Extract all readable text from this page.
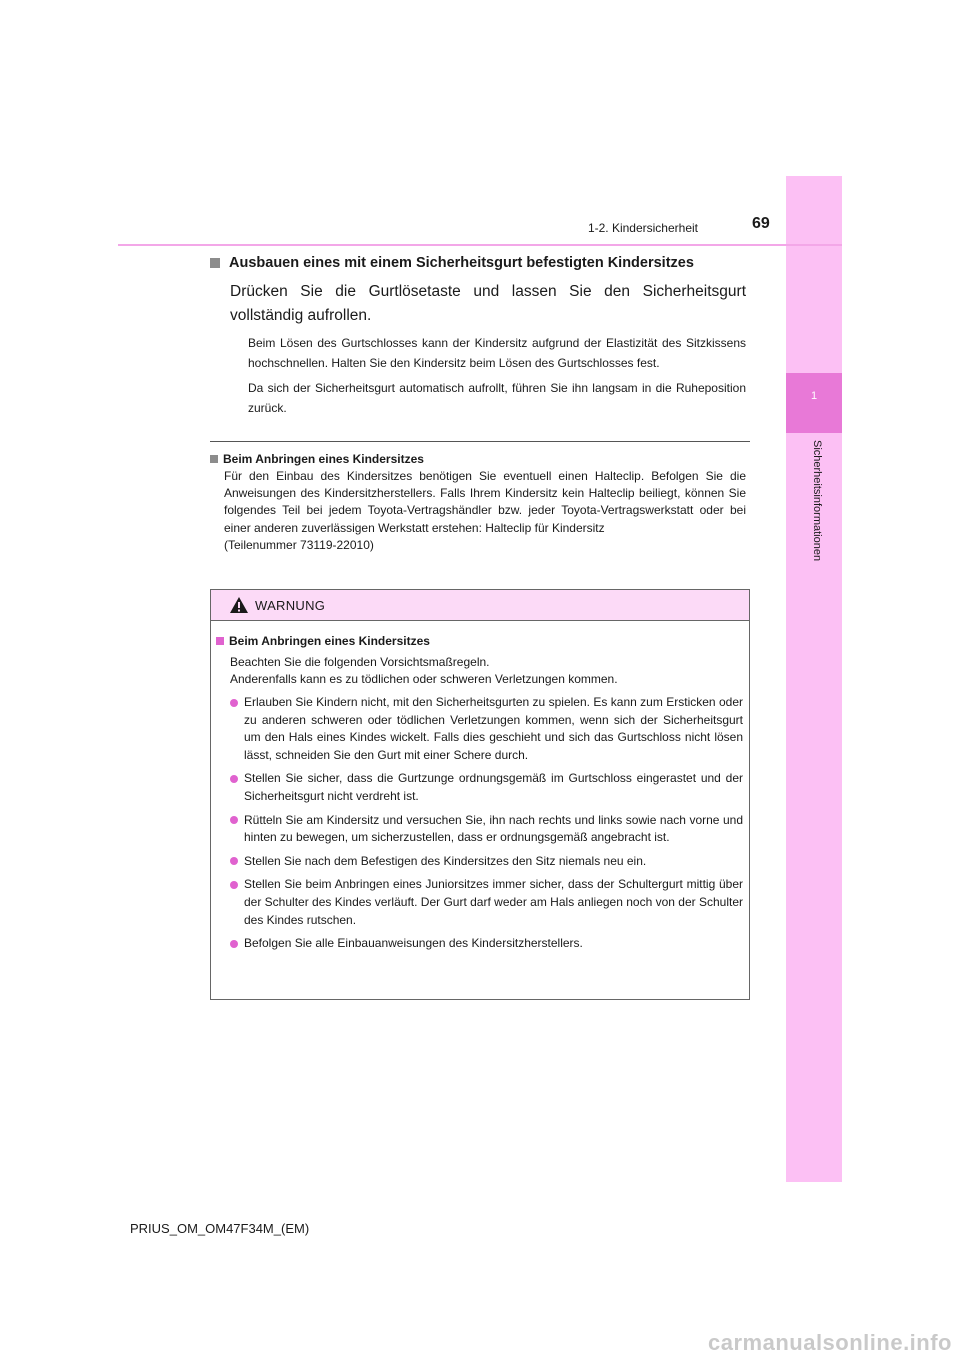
1
Sicherheitsinformationen
1-2. Kindersicherheit	69
Ausbauen eines mit einem Sicherheitsgurt befestigten Kindersitzes
Drücken Sie die Gurtlösetaste und lassen Sie den Sicherheitsgurt vollständig aufrollen.
Beim Lösen des Gurtschlosses kann der Kindersitz aufgrund der Elastizität des Sitzkissens hochschnellen. Halten Sie den Kindersitz beim Lösen des Gurtschlosses fest.
Da sich der Sicherheitsgurt automatisch aufrollt, führen Sie ihn langsam in die Ruheposition zurück.
Beim Anbringen eines Kindersitzes
Für den Einbau des Kindersitzes benötigen Sie eventuell einen Halteclip. Befolgen Sie die Anweisungen des Kindersitzherstellers. Falls Ihrem Kindersitz kein Halteclip beiliegt, können Sie folgendes Teil bei jedem Toyota-Vertragshändler bzw. jeder Toyota-Vertragswerkstatt oder bei einer anderen zuverlässigen Werkstatt erstehen: Halteclip für Kindersitz
(Teilenummer 73119-22010)
WARNUNG
Beim Anbringen eines Kindersitzes
Beachten Sie die folgenden Vorsichtsmaßregeln.
Anderenfalls kann es zu tödlichen oder schweren Verletzungen kommen.
Erlauben Sie Kindern nicht, mit den Sicherheitsgurten zu spielen. Es kann zum Ersticken oder zu anderen schweren oder tödlichen Verletzungen kommen, wenn sich der Sicherheitsgurt um den Hals eines Kindes wickelt. Falls dies geschieht und sich das Gurtschloss nicht lösen lässt, schneiden Sie den Gurt mit einer Schere durch.
Stellen Sie sicher, dass die Gurtzunge ordnungsgemäß im Gurtschloss eingerastet und der Sicherheitsgurt nicht verdreht ist.
Rütteln Sie am Kindersitz und versuchen Sie, ihn nach rechts und links sowie nach vorne und hinten zu bewegen, um sicherzustellen, dass er ordnungsgemäß angebracht ist.
Stellen Sie nach dem Befestigen des Kindersitzes den Sitz niemals neu ein.
Stellen Sie beim Anbringen eines Juniorsitzes immer sicher, dass der Schultergurt mittig über der Schulter des Kindes verläuft. Der Gurt darf weder am Hals anliegen noch von der Schulter des Kindes rutschen.
Befolgen Sie alle Einbauanweisungen des Kindersitzherstellers.
PRIUS_OM_OM47F34M_(EM)
carmanualsonline.info
